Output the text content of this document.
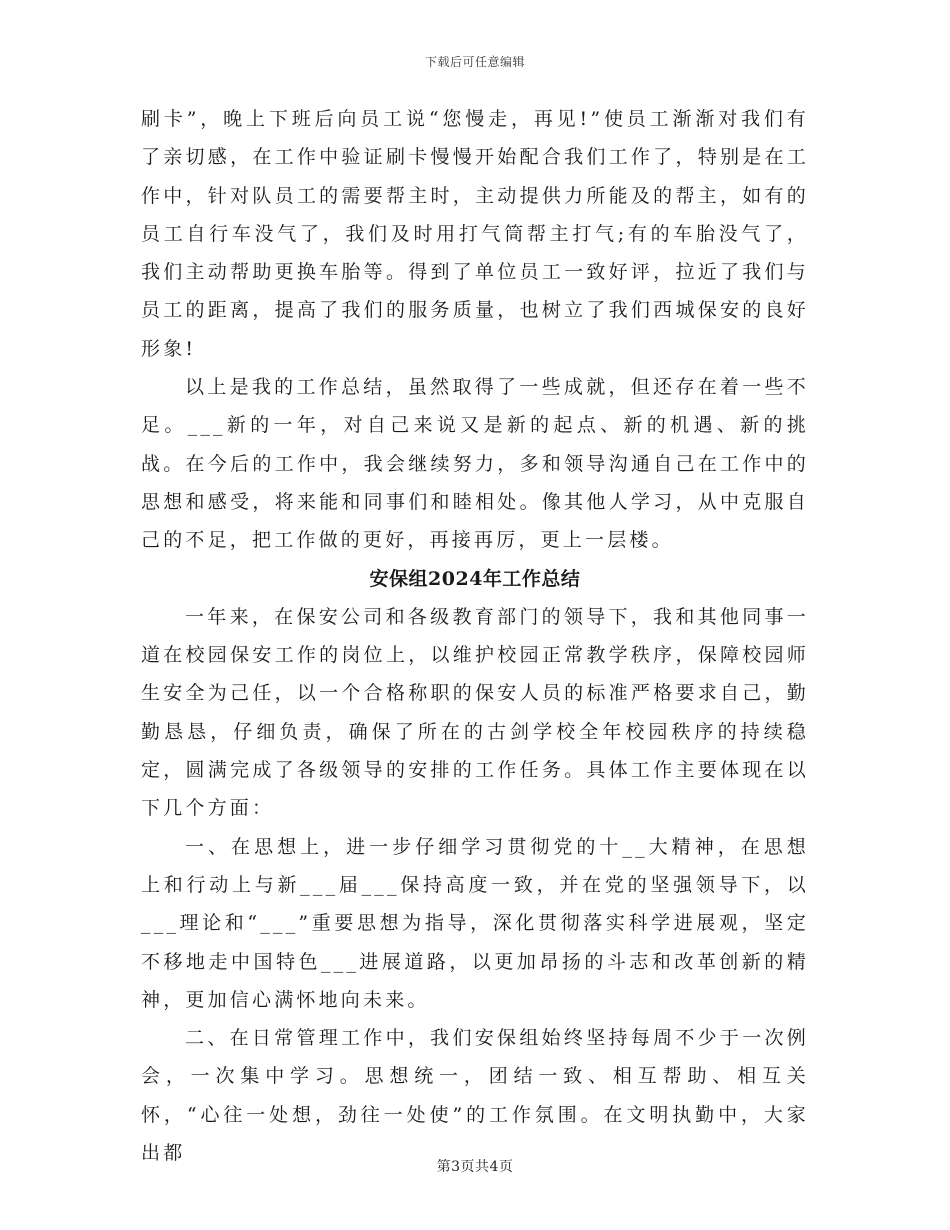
下载后可任意编辑

刷卡”，晚上下班后向员工说“您慢走，再见!”使员工渐渐对我们有了亲切感，在工作中验证刷卡慢慢开始配合我们工作了，特别是在工作中，针对队员工的需要帮主时，主动提供力所能及的帮主，如有的员工自行车没气了，我们及时用打气筒帮主打气;有的车胎没气了，我们主动帮助更换车胎等。得到了单位员工一致好评，拉近了我们与员工的距离，提高了我们的服务质量，也树立了我们西城保安的良好形象!

以上是我的工作总结，虽然取得了一些成就，但还存在着一些不足。___新的一年，对自己来说又是新的起点、新的机遇、新的挑战。在今后的工作中，我会继续努力，多和领导沟通自己在工作中的思想和感受，将来能和同事们和睦相处。像其他人学习，从中克服自己的不足，把工作做的更好，再接再厉，更上一层楼。

安保组2024年工作总结

一年来，在保安公司和各级教育部门的领导下，我和其他同事一道在校园保安工作的岗位上，以维护校园正常教学秩序，保障校园师生安全为己任，以一个合格称职的保安人员的标准严格要求自己，勤勤恳恳，仔细负责，确保了所在的古剑学校全年校园秩序的持续稳定，圆满完成了各级领导的安排的工作任务。具体工作主要体现在以下几个方面：

一、在思想上，进一步仔细学习贯彻党的十__大精神，在思想上和行动上与新___届___保持高度一致，并在党的坚强领导下，以___理论和“___”重要思想为指导，深化贯彻落实科学进展观，坚定不移地走中国特色___进展道路，以更加昂扬的斗志和改革创新的精神，更加信心满怀地向未来。

二、在日常管理工作中，我们安保组始终坚持每周不少于一次例会，一次集中学习。思想统一，团结一致、相互帮助、相互关怀，“心往一处想，劲往一处使”的工作氛围。在文明执勤中，大家出都

第3页共4页
